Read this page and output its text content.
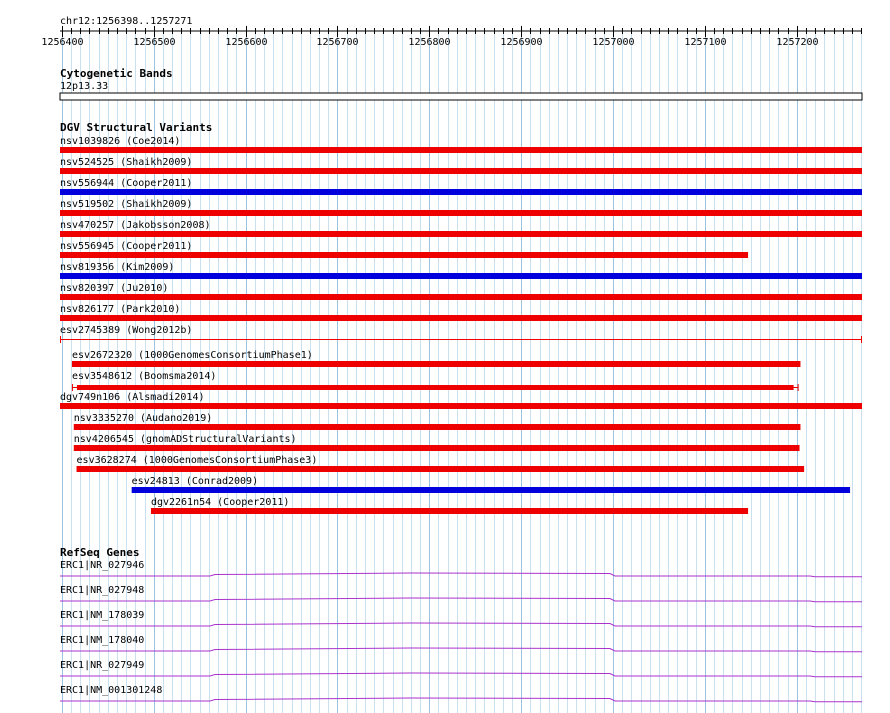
chr12:1256398..1257271
1256400	1256500	1256600	1256700	1256800	1256900	1257000	1257100	1257200
Cytogenetic Bands
12p13.33
DGV Structural Variants
nsv1039826 (Coe2014)
nsv524525 (Shaikh2009)
nsv556944 (Cooper2011)
nsv519502 (Shaikh2009)
nsv470257 (Jakobsson2008)
nsv556945 (Cooper2011)
nsv819356 (Kim2009)
nsv820397 (Ju2010)
nsv826177 (Park2010)
esv2745389 (Wong2012b)
esv2672320 (1000GenomesConsortiumPhase1)
esv3548612 (Boomsma2014)
dgv749n106 (Alsmadi2014)
nsv3335270 (Audano2019)
nsv4206545 (gnomADStructuralVariants)
esv3628274 (1000GenomesConsortiumPhase3)
esv24813 (Conrad2009)
dgv2261n54 (Cooper2011)
RefSeq Genes
ERC1|NR_027946
ERC1|NR_027948
ERC1|NM_178039
ERC1|NM_178040
ERC1|NR_027949
ERC1|NM_001301248
